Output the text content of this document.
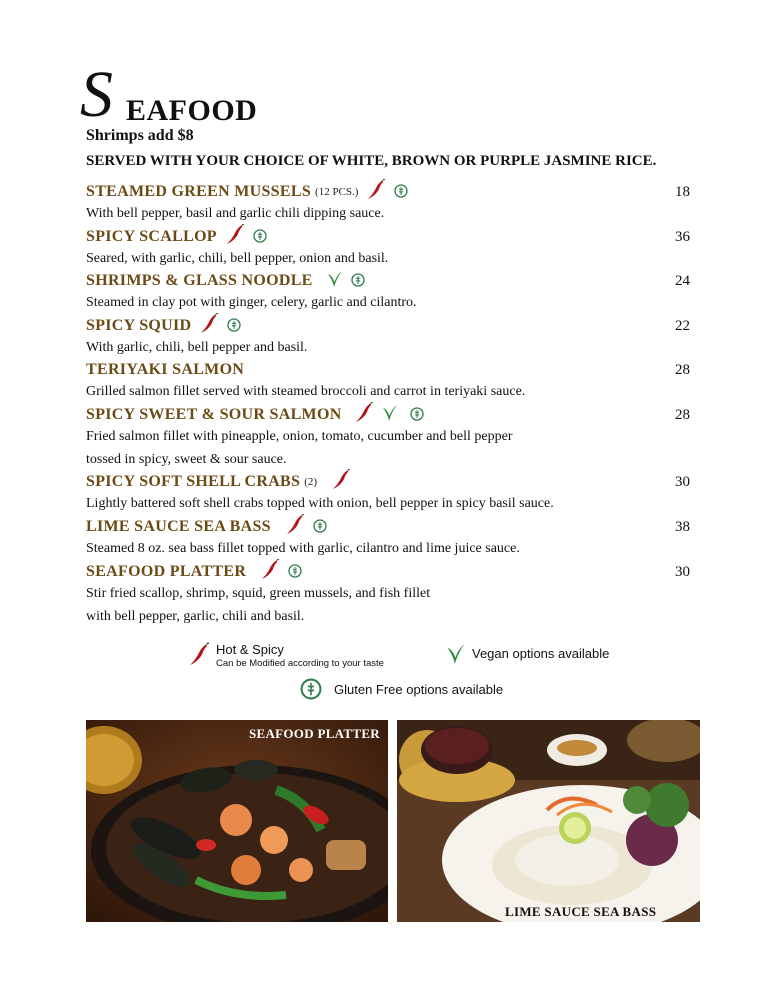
S EAFOOD
Shrimps add $8
SERVED WITH YOUR CHOICE OF WHITE, BROWN OR PURPLE JASMINE RICE.
STEAMED GREEN MUSSELS (12 PCS.)	18
With bell pepper, basil and garlic chili dipping sauce.
SPICY SCALLOP	36
Seared, with garlic, chili, bell pepper, onion and basil.
SHRIMPS & GLASS NOODLE	24
Steamed in clay pot with ginger, celery, garlic and cilantro.
SPICY SQUID	22
With garlic, chili, bell pepper and basil.
TERIYAKI SALMON	28
Grilled salmon fillet served with steamed broccoli and carrot in teriyaki sauce.
SPICY SWEET & SOUR SALMON	28
Fried salmon fillet with pineapple, onion, tomato, cucumber and bell pepper
tossed in spicy, sweet & sour sauce.
SPICY SOFT SHELL CRABS (2)	30
Lightly battered soft shell crabs topped with onion, bell pepper in spicy basil sauce.
LIME SAUCE SEA BASS	38
Steamed 8 oz. sea bass fillet topped with garlic, cilantro and lime juice sauce.
SEAFOOD PLATTER	30
Stir fried scallop, shrimp, squid, green mussels, and fish fillet
with bell pepper, garlic, chili and basil.
Hot & Spicy
Can be Modified according to your taste
Vegan options available
Gluten Free options available
SEAFOOD PLATTER
LIME SAUCE SEA BASS
